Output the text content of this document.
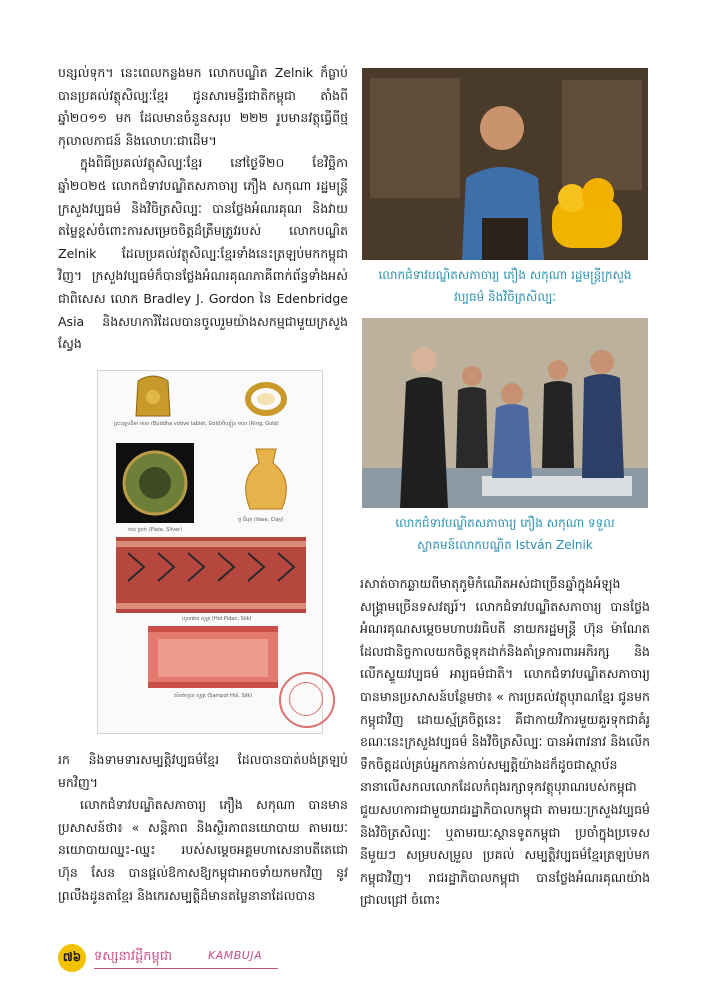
បន្សល់ទុក។ នេះពេលកន្លងមក លោកបណ្ឌិត Zelnik ក៏ធ្លាប់បានប្រគល់វត្ថុសិល្បៈខ្មែរ ជូនសារមន្ទីរជាតិកម្ពុជា តាំងពីឆ្នាំ២០១១ មក ដែលមានចំនួនសរុប ២២២ រូបមានវត្ថុធ្វើពីថ្ម កុលាលភាជន៍ និងលោហៈជាដើម។

ក្នុងពិធីប្រគល់វត្ថុសិល្បៈខ្មែរ នៅថ្ងៃទី២០ ខែវិច្ឆិកា ឆ្នាំ២០២៥ លោកជំទាវបណ្ឌិតសភាចារ្យ ភឿង សកុណា រដ្ឋមន្ត្រីក្រសួងវប្បធម៌ និងវិចិត្រសិល្បៈ បានថ្លែងអំណរគុណ និងវាយតម្លៃខ្ពស់ចំពោះការសម្រេចចិត្តដ៏ត្រឹមត្រូវរបស់ លោកបណ្ឌិត Zelnik ដែលប្រគល់វត្ថុសិល្បៈខ្មែរទាំងនេះត្រឡប់មកកម្ពុជាវិញ។ ក្រសួងវប្បធម៌ក៏បានថ្លែងអំណរគុណភាគីពាក់ព័ន្ធទាំងអស់ ជាពិសេស លោក Bradley J. Gordon នៃ Edenbridge Asia និងសហការីដែលបានចូលរួមយ៉ាងសកម្មជាមួយក្រសួងស្វែង

ព្រះពុទ្ធបដិមា មាស (Buddha votive tablet, Gold) ចិញ្ចៀន មាស (Ring, Gold)
ចាន ប្រាក់ (Plate, Silver)
ថូ ដីដុត (Vase, Clay)
ហូលផាម សូត្រ (Hol Pidan, Silk)
សំពត់ហូល សូត្រ (Sampot Hol, Silk)

រក និងទាមទារសម្បត្តិវប្បធម៌ខ្មែរ ដែលបានបាត់បង់ត្រឡប់មកវិញ។

លោកជំទាវបណ្ឌិតសភាចារ្យ ភឿង សកុណា បានមានប្រសាសន៍ថា៖ « សន្តិភាព និងស្ថិរភាពនយោបាយ តាមរយៈនយោបាយឈ្នះ-ឈ្នះ របស់សម្តេចអគ្គមហាសេនាបតីតេជោ ហ៊ុន សែន បានផ្តល់ឱកាសឱ្យកម្ពុជាអាចទាំយកមកវិញ នូវព្រលឹងដូនតាខ្មែរ និងកេរសម្បត្តិដ៏មានតម្លៃនានាដែលបាន

លោកជំទាវបណ្ឌិតសភាចារ្យ ភឿង សកុណា រដ្ឋមន្ត្រីក្រសួង
វប្បធម៌ និងវិចិត្រសិល្បៈ
លោកជំទាវបណ្ឌិតសភាចារ្យ ភឿង សកុណា ទទួល
ស្វាគមន៍លោកបណ្ឌិត István Zelnik

រសាត់ចាកឆ្ងាយពីមាតុភូមិកំណើតអស់ជាច្រើនឆ្នាំក្នុងអំឡុងសង្គ្រាមច្រើនទសវត្សរ៍។ លោកជំទាវបណ្ឌិតសភាចារ្យ បានថ្លែងអំណរគុណសម្តេចមហាបវរធិបតី នាយករដ្ឋមន្ត្រី ហ៊ុន ម៉ាណែត ដែលជានិច្ចកាលយកចិត្តទុកដាក់និងគាំទ្រការពារអភិរក្ស និងលើកស្ទួយវប្បធម៌ អារ្យធម៌ជាតិ។ លោកជំទាវបណ្ឌិតសភាចារ្យ បានមានប្រសាសន៍បន្ថែមថា៖ « ការប្រគល់វត្ថុបុរាណខ្មែរ ជូនមកកម្ពុជាវិញ ដោយស្ម័គ្រចិត្តនេះ គឺជាកាយវិការមួយគួរទុកជាគំរូ ខណៈនេះក្រសួងវប្បធម៌ និងវិចិត្រសិល្បៈ បានអំពាវនាវ និងលើកទឹកចិត្តដល់គ្រប់អ្នកកាន់កាប់សម្បត្តិយ៉ាងដក៏ដូចជាស្ថាប័ននានាលើសកលលោកដែលកំពុងរក្សាទុកវត្ថុបុរាណរបស់កម្ពុជា ជួយសហការជាមួយរាជរដ្ឋាភិបាលកម្ពុជា តាមរយៈក្រសួងវប្បធម៌ និងវិចិត្រសិល្បៈ ឬតាមរយៈស្ថានទូតកម្ពុជា ប្រចាំក្នុងប្រទេសនីមួយៗ សម្របសម្រួល ប្រគល់ សម្បត្តិវប្បធម៌ខ្មែរត្រឡប់មកកម្ពុជាវិញ។ រាជរដ្ឋាភិបាលកម្ពុជា បានថ្លែងអំណរគុណយ៉ាងជ្រាលជ្រៅ ចំពោះ

៧៦ ទស្សនាវដ្តីកម្ពុជា	KAMBUJA
